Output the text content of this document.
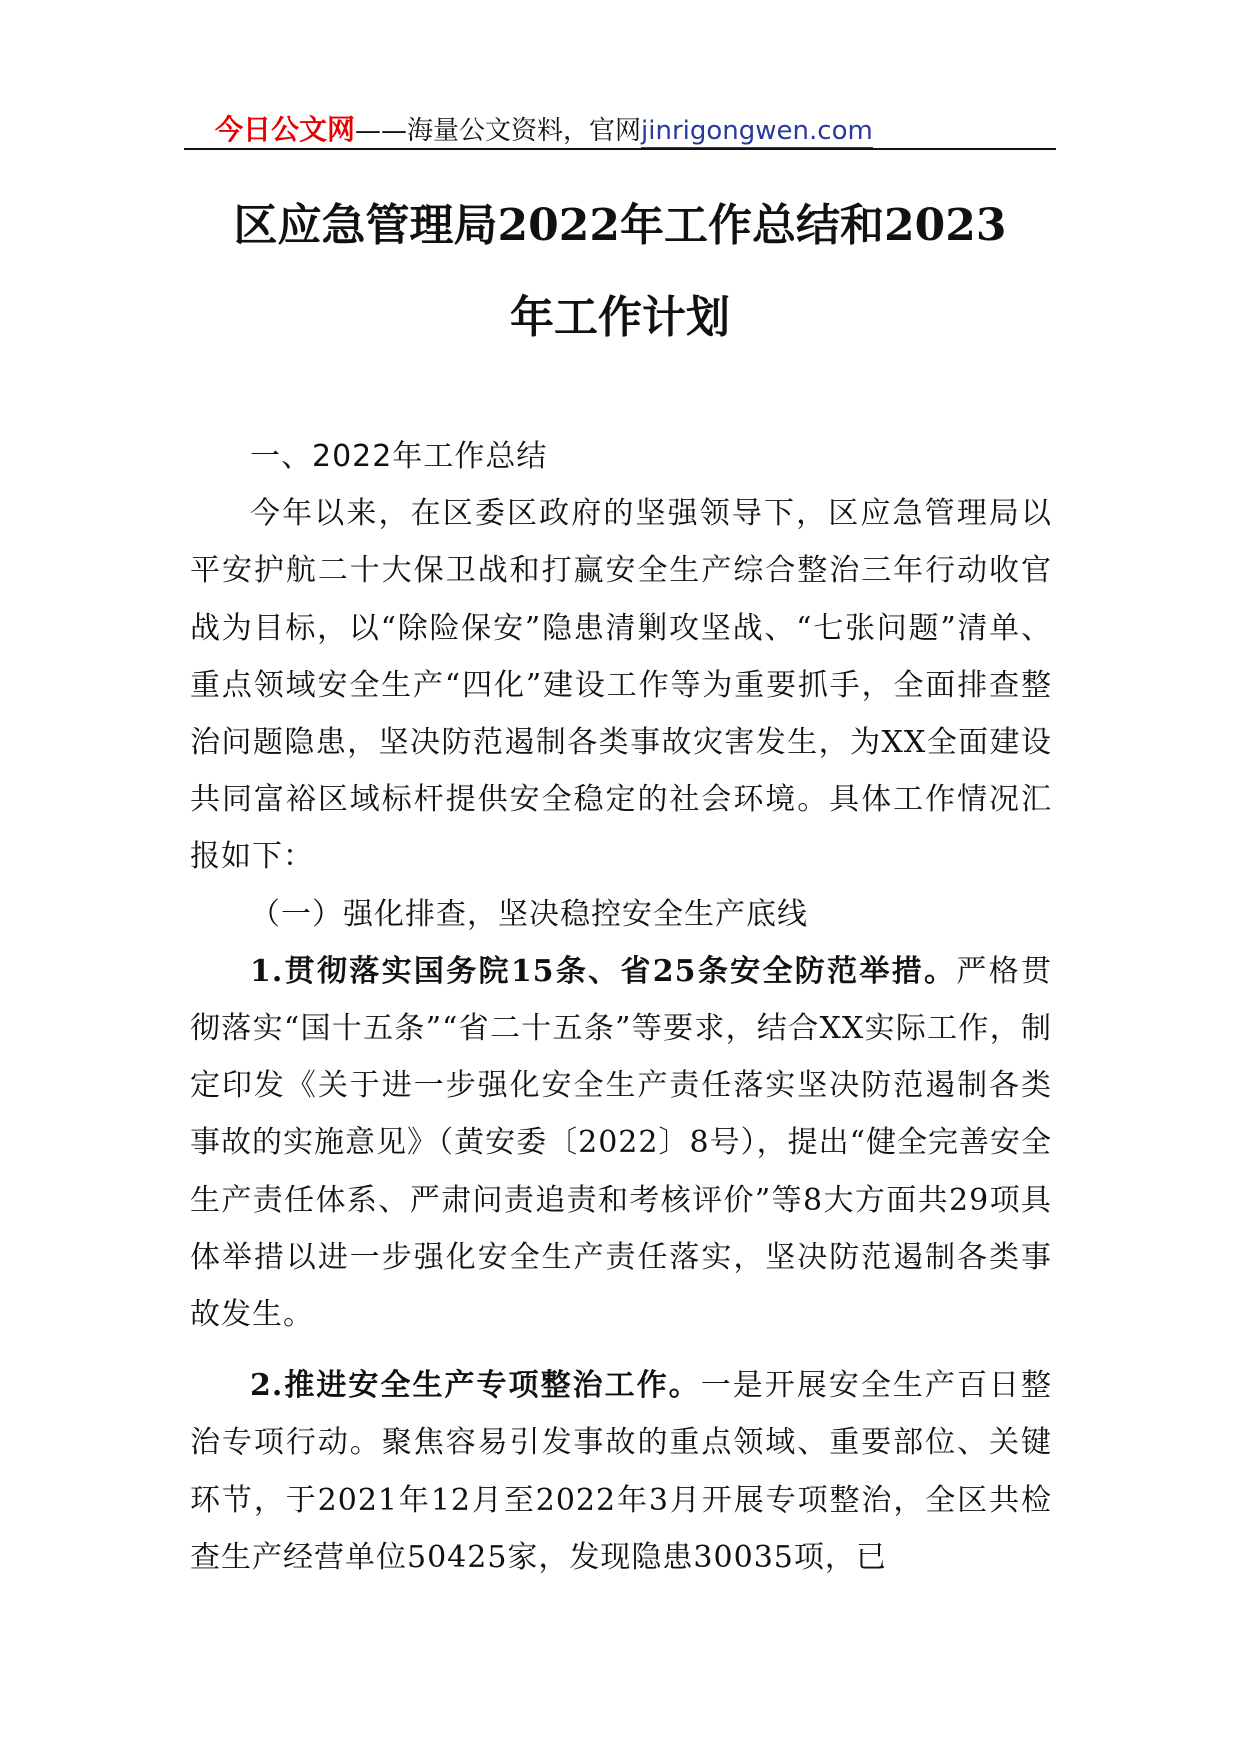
今日公文网 ——海量公文资料，官网 jinrigongwen.com
区应急管理局2022年工作总结和2023
年工作计划

一、2022年工作总结

今年以来，在区委区政府的坚强领导下，区应急管理局以平安护航二十大保卫战和打赢安全生产综合整治三年行动收官战为目标，以“除险保安”隐患清剿攻坚战、“七张问题”清单、重点领域安全生产“四化”建设工作等为重要抓手，全面排查整治问题隐患，坚决防范遏制各类事故灾害发生，为XX全面建设共同富裕区域标杆提供安全稳定的社会环境。具体工作情况汇报如下：

（一）强化排查，坚决稳控安全生产底线

1.贯彻落实国务院15条、省25条安全防范举措。严格贯彻落实“国十五条”“省二十五条”等要求，结合XX实际工作，制定印发《关于进一步强化安全生产责任落实坚决防范遏制各类事故的实施意见》（黄安委〔2022〕8号），提出“健全完善安全生产责任体系、严肃问责追责和考核评价”等8大方面共29项具体举措以进一步强化安全生产责任落实，坚决防范遏制各类事故发生。

2.推进安全生产专项整治工作。一是开展安全生产百日整治专项行动。聚焦容易引发事故的重点领域、重要部位、关键环节，于2021年12月至2022年3月开展专项整治，全区共检查生产经营单位50425家，发现隐患30035项，已
